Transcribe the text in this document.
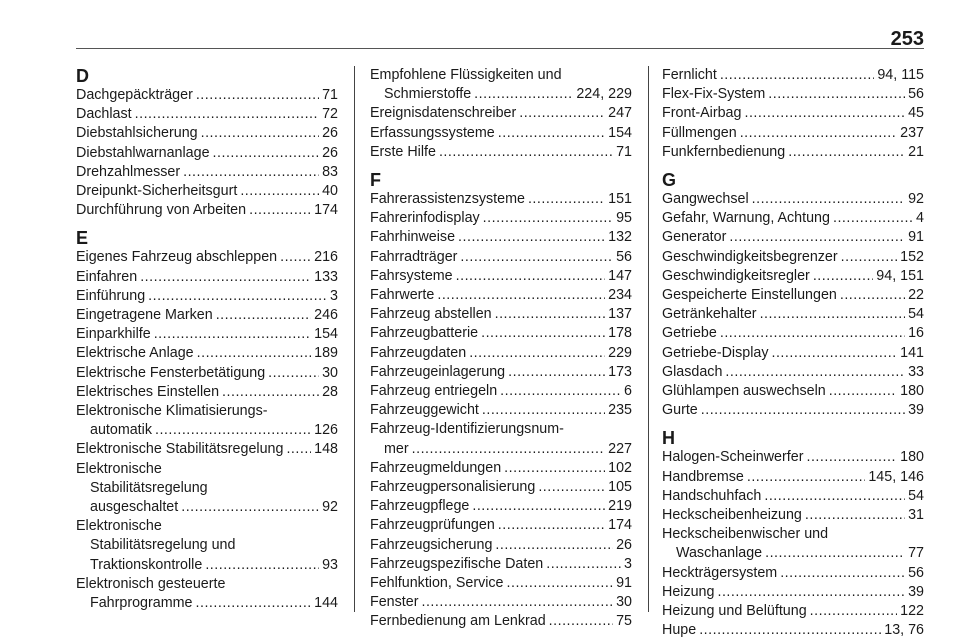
253
D
Dachgepäckträger .....	71
Dachlast .....	72
Diebstahlsicherung .....	26
Diebstahlwarnanlage .....	26
Drehzahlmesser .....	83
Dreipunkt-Sicherheitsgurt .....	40
Durchführung von Arbeiten .....	174
E
Eigenes Fahrzeug abschleppen .....	216
Einfahren .....	133
Einführung .....	3
Eingetragene Marken .....	246
Einparkhilfe .....	154
Elektrische Anlage .....	189
Elektrische Fensterbetätigung .....	30
Elektrisches Einstellen .....	28
Elektronische Klimatisierungs-
automatik .....	126
Elektronische Stabilitätsregelung ..... 148
Elektronische
Stabilitätsregelung
ausgeschaltet .....	92
Elektronische
Stabilitätsregelung und
Traktionskontrolle .....	93
Elektronisch gesteuerte
Fahrprogramme .....	144
Empfohlene Flüssigkeiten und
Schmierstoffe .....	224, 229
Ereignisdatenschreiber .....	247
Erfassungssysteme .....	154
Erste Hilfe .....	71
F
Fahrerassistenzsysteme .....	151
Fahrerinfodisplay .....	95
Fahrhinweise .....	132
Fahrradträger .....	56
Fahrsysteme .....	147
Fahrwerte .....	234
Fahrzeug abstellen .....	137
Fahrzeugbatterie .....	178
Fahrzeugdaten .....	229
Fahrzeugeinlagerung .....	173
Fahrzeug entriegeln .....	6
Fahrzeuggewicht .....	235
Fahrzeug-Identifizierungsnum-
mer .....	227
Fahrzeugmeldungen .....	102
Fahrzeugpersonalisierung .....	105
Fahrzeugpflege .....	219
Fahrzeugprüfungen .....	174
Fahrzeugsicherung .....	26
Fahrzeugspezifische Daten .....	3
Fehlfunktion, Service .....	91
Fenster .....	30
Fernbedienung am Lenkrad .....	75
Fernlicht .....	94, 115
Flex-Fix-System .....	56
Front-Airbag .....	45
Füllmengen .....	237
Funkfernbedienung .....	21
G
Gangwechsel .....	92
Gefahr, Warnung, Achtung .....	4
Generator .....	91
Geschwindigkeitsbegrenzer .....	152
Geschwindigkeitsregler .....	94, 151
Gespeicherte Einstellungen .....	22
Getränkehalter .....	54
Getriebe .....	16
Getriebe-Display .....	141
Glasdach .....	33
Glühlampen auswechseln .....	180
Gurte .....	39
H
Halogen-Scheinwerfer .....	180
Handbremse .....	145, 146
Handschuhfach .....	54
Heckscheibenheizung .....	31
Heckscheibenwischer und
Waschanlage .....	77
Heckträgersystem .....	56
Heizung .....	39
Heizung und Belüftung .....	122
Hupe .....	13, 76
